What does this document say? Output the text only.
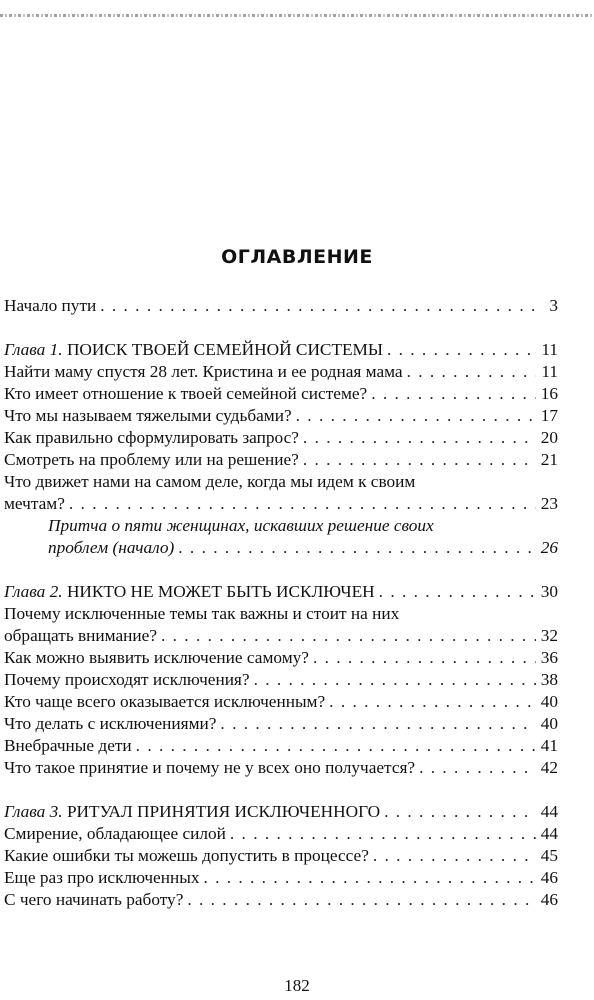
ОГЛАВЛЕНИЕ
Начало пути . . .	3
Глава 1. ПОИСК ТВОЕЙ СЕМЕЙНОЙ СИСТЕМЫ . . .	11
Найти маму спустя 28 лет. Кристина и ее родная мама . . .	11
Кто имеет отношение к твоей семейной системе? . . .	16
Что мы называем тяжелыми судьбами? . . .	17
Как правильно сформулировать запрос? . . .	20
Смотреть на проблему или на решение? . . .	21
Что движет нами на самом деле, когда мы идем к своим
мечтам? . . .	23
Притча о пяти женщинах, искавших решение своих
проблем (начало) . . .	26
Глава 2. НИКТО НЕ МОЖЕТ БЫТЬ ИСКЛЮЧЕН . . .	30
Почему исключенные темы так важны и стоит на них
обращать внимание? . . .	32
Как можно выявить исключение самому? . . .	36
Почему происходят исключения? . . .	38
Кто чаще всего оказывается исключенным? . . .	40
Что делать с исключениями? . . .	40
Внебрачные дети . . .	41
Что такое принятие и почему не у всех оно получается? . . .	42
Глава 3. РИТУАЛ ПРИНЯТИЯ ИСКЛЮЧЕННОГО . . .	44
Смирение, обладающее силой . . .	44
Какие ошибки ты можешь допустить в процессе? . . .	45
Еще раз про исключенных . . .	46
С чего начинать работу? . . .	46
182
